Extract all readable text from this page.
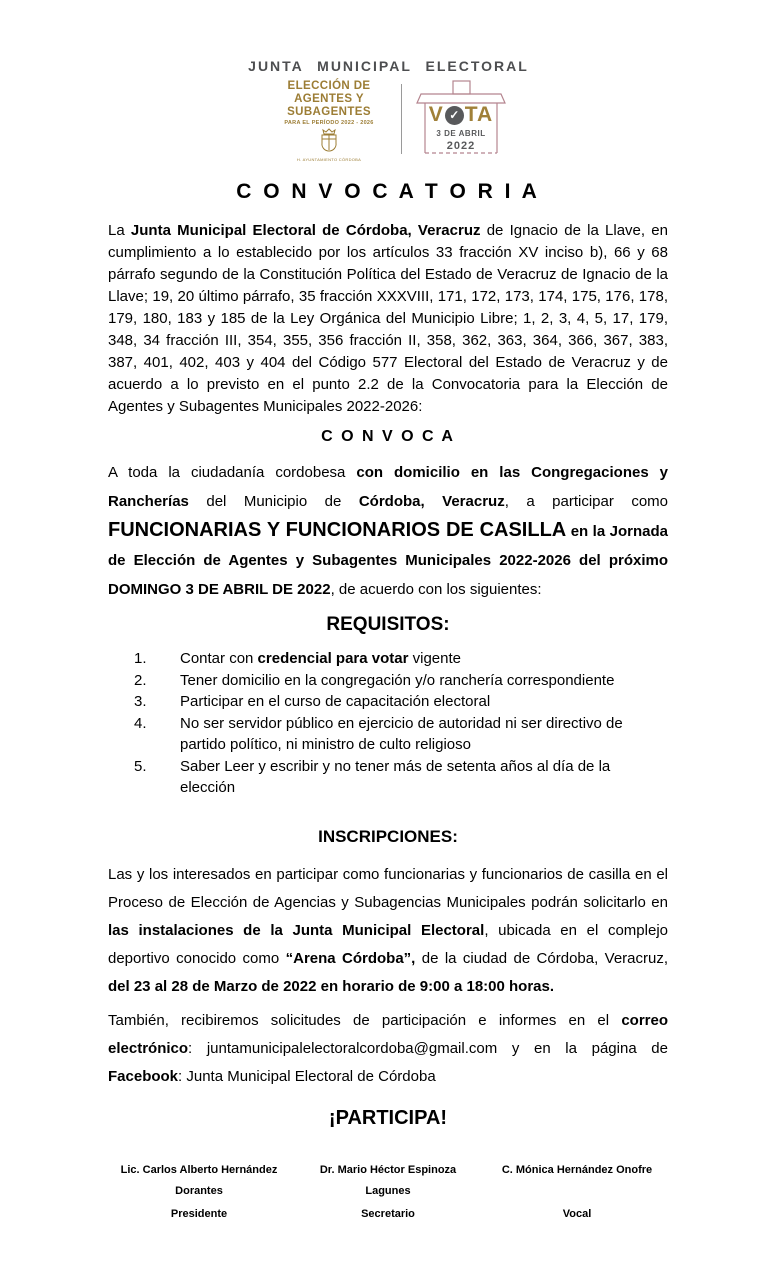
JUNTA MUNICIPAL ELECTORAL
ELECCIÓN DE
AGENTES Y
SUBAGENTES
PARA EL PERÍODO 2022 - 2026
H. AYUNTAMIENTO CÓRDOBA
V ✓ TA
3 DE ABRIL
2022
C O N V O C A T O R I A

La Junta Municipal Electoral de Córdoba, Veracruz de Ignacio de la Llave, en cumplimiento a lo establecido por los artículos 33 fracción XV inciso b), 66 y 68 párrafo segundo de la Constitución Política del Estado de Veracruz de Ignacio de la Llave; 19, 20 último párrafo, 35 fracción XXXVIII, 171, 172, 173, 174, 175, 176, 178, 179, 180, 183 y 185 de la Ley Orgánica del Municipio Libre; 1, 2, 3, 4, 5, 17, 179, 348, 34 fracción III, 354, 355, 356 fracción II, 358, 362, 363, 364, 366, 367, 383, 387, 401, 402, 403 y 404 del Código 577 Electoral del Estado de Veracruz y de acuerdo a lo previsto en el punto 2.2 de la Convocatoria para la Elección de Agentes y Subagentes Municipales 2022-2026:

C O N V O C A

A toda la ciudadanía cordobesa con domicilio en las Congregaciones y Rancherías del Municipio de Córdoba, Veracruz, a participar como FUNCIONARIAS Y FUNCIONARIOS DE CASILLA en la Jornada de Elección de Agentes y Subagentes Municipales 2022-2026 del próximo DOMINGO 3 DE ABRIL DE 2022, de acuerdo con los siguientes:

REQUISITOS:
1. Contar con credencial para votar vigente
2. Tener domicilio en la congregación y/o ranchería correspondiente
3. Participar en el curso de capacitación electoral
4. No ser servidor público en ejercicio de autoridad ni ser directivo de partido político, ni ministro de culto religioso
5. Saber Leer y escribir y no tener más de setenta años al día de la elección
INSCRIPCIONES:

Las y los interesados en participar como funcionarias y funcionarios de casilla en el Proceso de Elección de Agencias y Subagencias Municipales podrán solicitarlo en las instalaciones de la Junta Municipal Electoral, ubicada en el complejo deportivo conocido como “Arena Córdoba”, de la ciudad de Córdoba, Veracruz, del 23 al 28 de Marzo de 2022 en horario de 9:00 a 18:00 horas.

También, recibiremos solicitudes de participación e informes en el correo electrónico: juntamunicipalelectoralcordoba@gmail.com y en la página de Facebook: Junta Municipal Electoral de Córdoba

¡PARTICIPA!
Lic. Carlos Alberto Hernández
Dorantes
Presidente
Dr. Mario Héctor Espinoza
Lagunes
Secretario
C. Mónica Hernández Onofre
Vocal
